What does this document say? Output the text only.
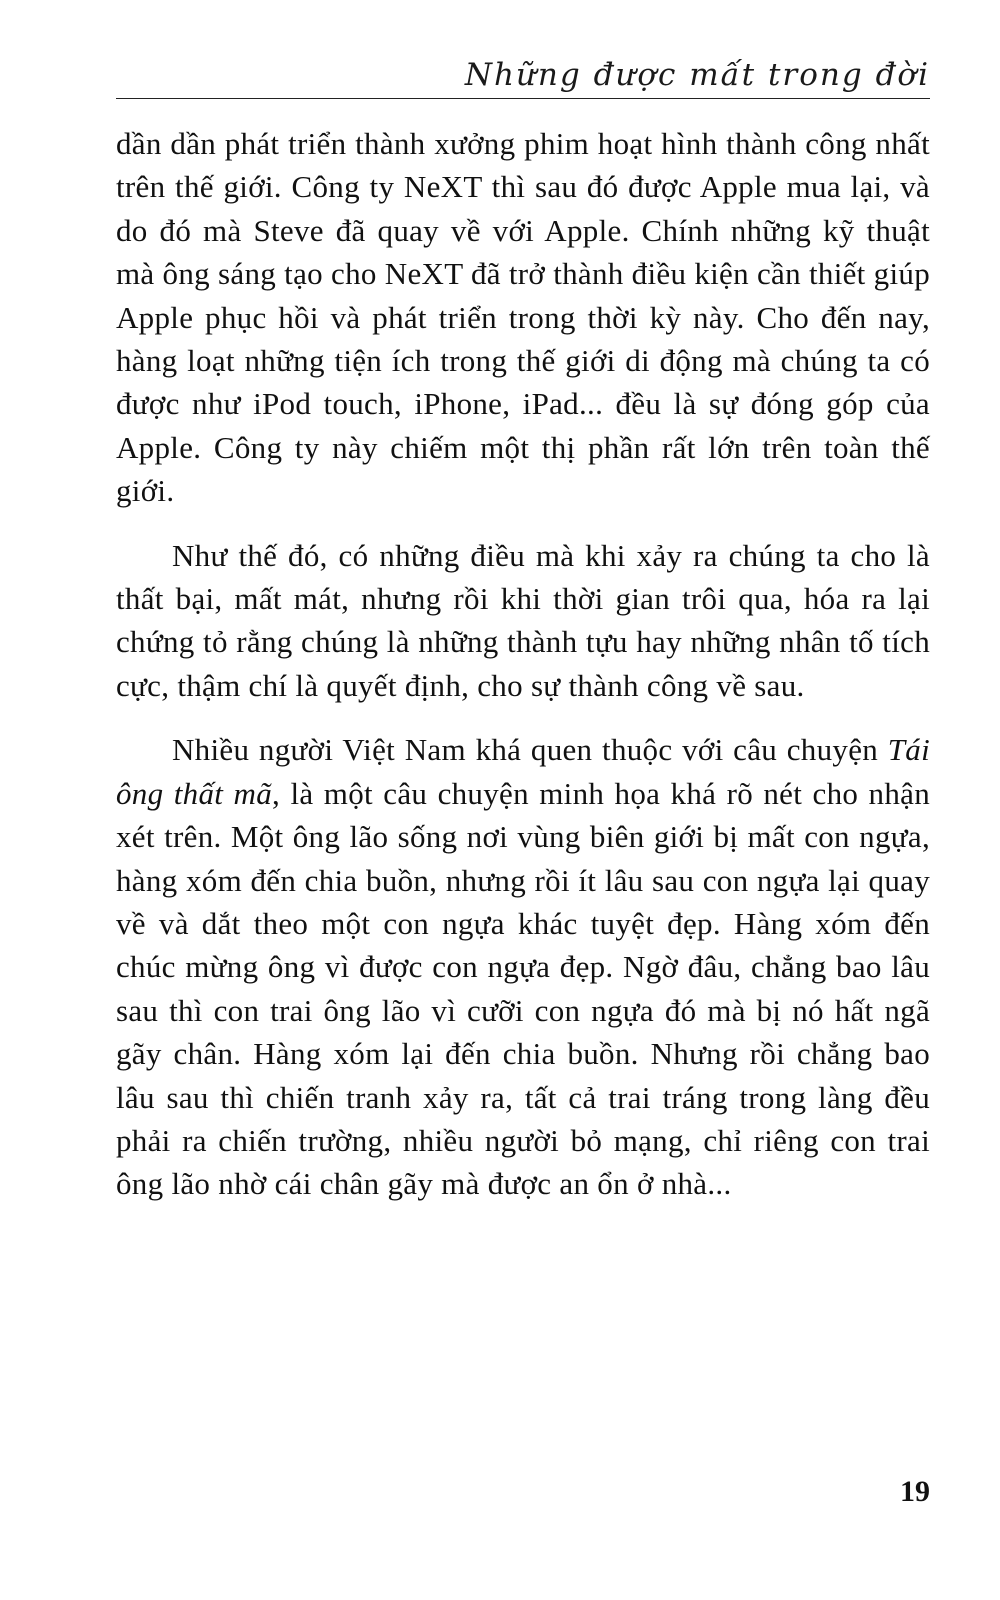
Những được mất trong đời

dần dần phát triển thành xưởng phim hoạt hình thành công nhất trên thế giới. Công ty NeXT thì sau đó được Apple mua lại, và do đó mà Steve đã quay về với Apple. Chính những kỹ thuật mà ông sáng tạo cho NeXT đã trở thành điều kiện cần thiết giúp Apple phục hồi và phát triển trong thời kỳ này. Cho đến nay, hàng loạt những tiện ích trong thế giới di động mà chúng ta có được như iPod touch, iPhone, iPad... đều là sự đóng góp của Apple. Công ty này chiếm một thị phần rất lớn trên toàn thế giới.

Như thế đó, có những điều mà khi xảy ra chúng ta cho là thất bại, mất mát, nhưng rồi khi thời gian trôi qua, hóa ra lại chứng tỏ rằng chúng là những thành tựu hay những nhân tố tích cực, thậm chí là quyết định, cho sự thành công về sau.

Nhiều người Việt Nam khá quen thuộc với câu chuyện Tái ông thất mã, là một câu chuyện minh họa khá rõ nét cho nhận xét trên. Một ông lão sống nơi vùng biên giới bị mất con ngựa, hàng xóm đến chia buồn, nhưng rồi ít lâu sau con ngựa lại quay về và dắt theo một con ngựa khác tuyệt đẹp. Hàng xóm đến chúc mừng ông vì được con ngựa đẹp. Ngờ đâu, chẳng bao lâu sau thì con trai ông lão vì cưỡi con ngựa đó mà bị nó hất ngã gãy chân. Hàng xóm lại đến chia buồn. Nhưng rồi chẳng bao lâu sau thì chiến tranh xảy ra, tất cả trai tráng trong làng đều phải ra chiến trường, nhiều người bỏ mạng, chỉ riêng con trai ông lão nhờ cái chân gãy mà được an ổn ở nhà...

19
